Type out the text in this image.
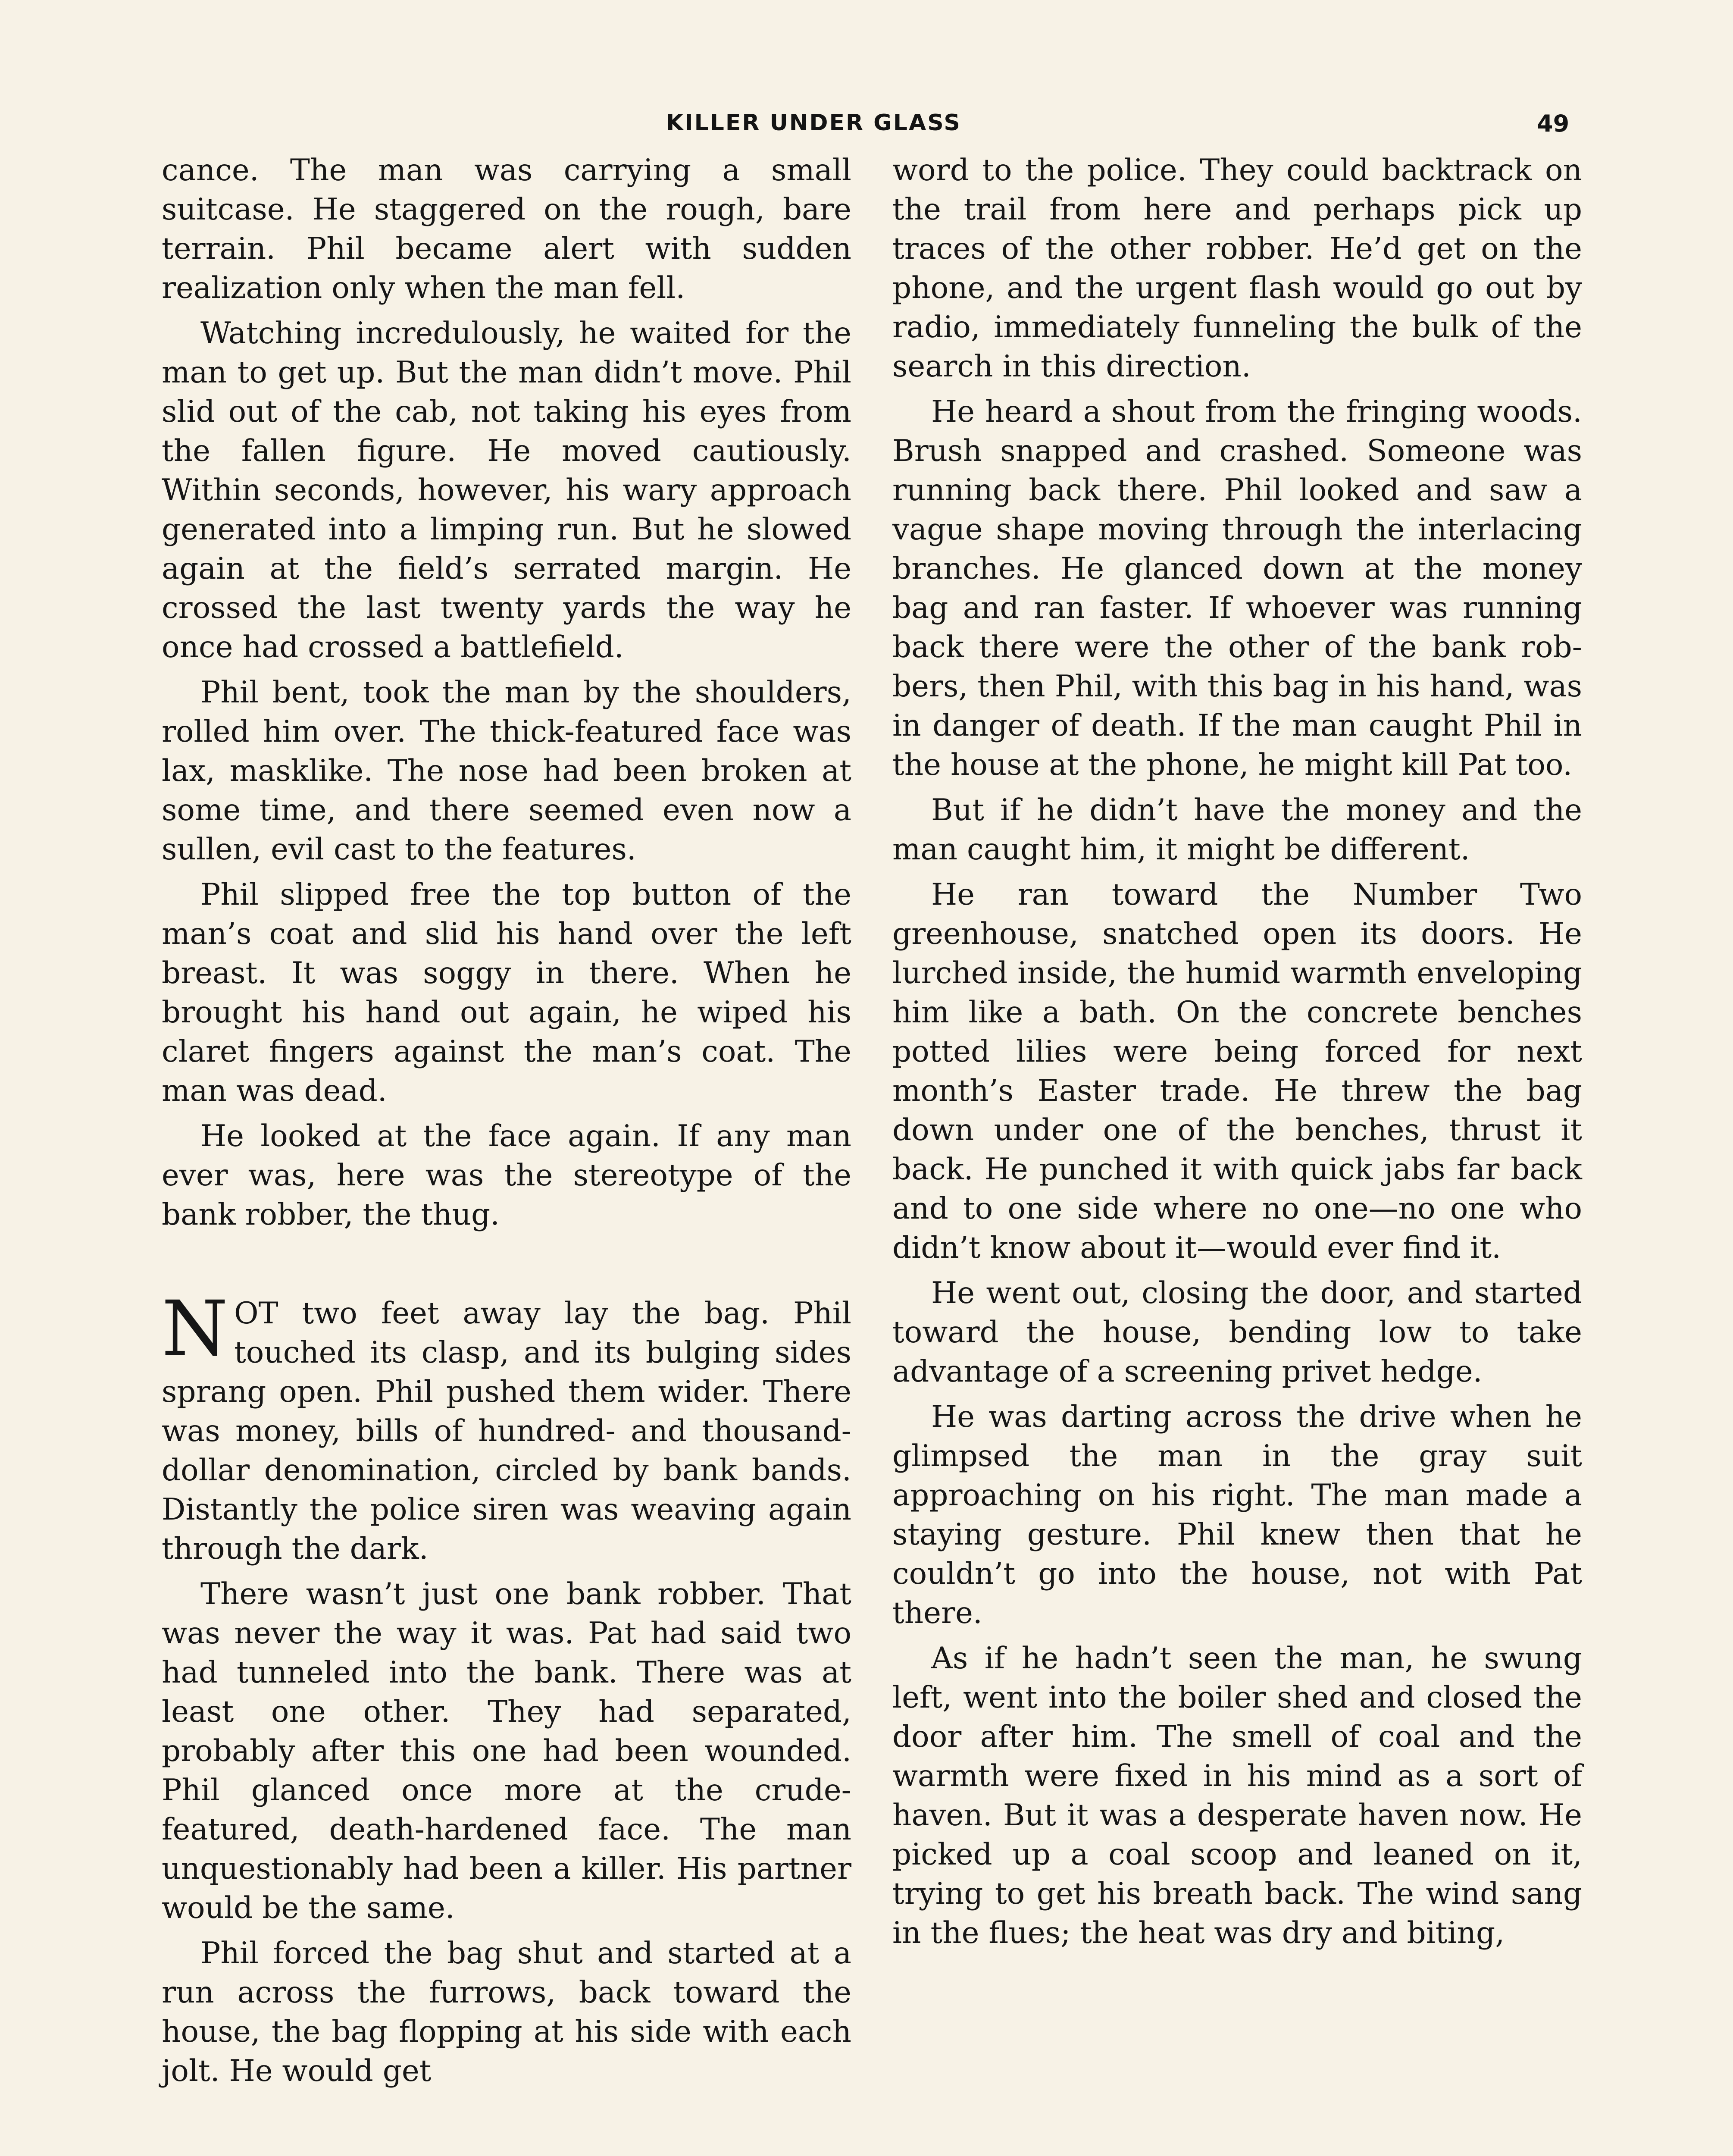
KILLER UNDER GLASS	49

cance. The man was carrying a small suitcase. He staggered on the rough, bare terrain. Phil became alert with sudden realization only when the man fell.

Watching incredulously, he waited for the man to get up. But the man didn’t move. Phil slid out of the cab, not taking his eyes from the fallen figure. He moved cautiously. Within seconds, however, his wary approach generated into a limping run. But he slowed again at the field’s serrated margin. He crossed the last twenty yards the way he once had crossed a battlefield.

Phil bent, took the man by the shoulders, rolled him over. The thick-featured face was lax, masklike. The nose had been broken at some time, and there seemed even now a sullen, evil cast to the features.

Phil slipped free the top button of the man’s coat and slid his hand over the left breast. It was soggy in there. When he brought his hand out again, he wiped his claret fingers against the man’s coat. The man was dead.

He looked at the face again. If any man ever was, here was the stereotype of the bank robber, the thug.

NOT two feet away lay the bag. Phil touched its clasp, and its bulging sides sprang open. Phil pushed them wider. There was money, bills of hundred- and thousand-dollar denomination, circled by bank bands. Distantly the police siren was weaving again through the dark.

There wasn’t just one bank robber. That was never the way it was. Pat had said two had tunneled into the bank. There was at least one other. They had separated, probably after this one had been wounded. Phil glanced once more at the crude-featured, death-hardened face. The man unquestionably had been a killer. His partner would be the same.

Phil forced the bag shut and started at a run across the furrows, back toward the house, the bag flopping at his side with each jolt. He would get

word to the police. They could backtrack on the trail from here and perhaps pick up traces of the other robber. He’d get on the phone, and the urgent flash would go out by radio, immediately funneling the bulk of the search in this direction.

He heard a shout from the fringing woods. Brush snapped and crashed. Someone was running back there. Phil looked and saw a vague shape moving through the interlacing branches. He glanced down at the money bag and ran faster. If whoever was running back there were the other of the bank robbers, then Phil, with this bag in his hand, was in danger of death. If the man caught Phil in the house at the phone, he might kill Pat too.

But if he didn’t have the money and the man caught him, it might be different.

He ran toward the Number Two greenhouse, snatched open its doors. He lurched inside, the humid warmth enveloping him like a bath. On the concrete benches potted lilies were being forced for next month’s Easter trade. He threw the bag down under one of the benches, thrust it back. He punched it with quick jabs far back and to one side where no one—no one who didn’t know about it—would ever find it.

He went out, closing the door, and started toward the house, bending low to take advantage of a screening privet hedge.

He was darting across the drive when he glimpsed the man in the gray suit approaching on his right. The man made a staying gesture. Phil knew then that he couldn’t go into the house, not with Pat there.

As if he hadn’t seen the man, he swung left, went into the boiler shed and closed the door after him. The smell of coal and the warmth were fixed in his mind as a sort of haven. But it was a desperate haven now. He picked up a coal scoop and leaned on it, trying to get his breath back. The wind sang in the flues; the heat was dry and biting,
